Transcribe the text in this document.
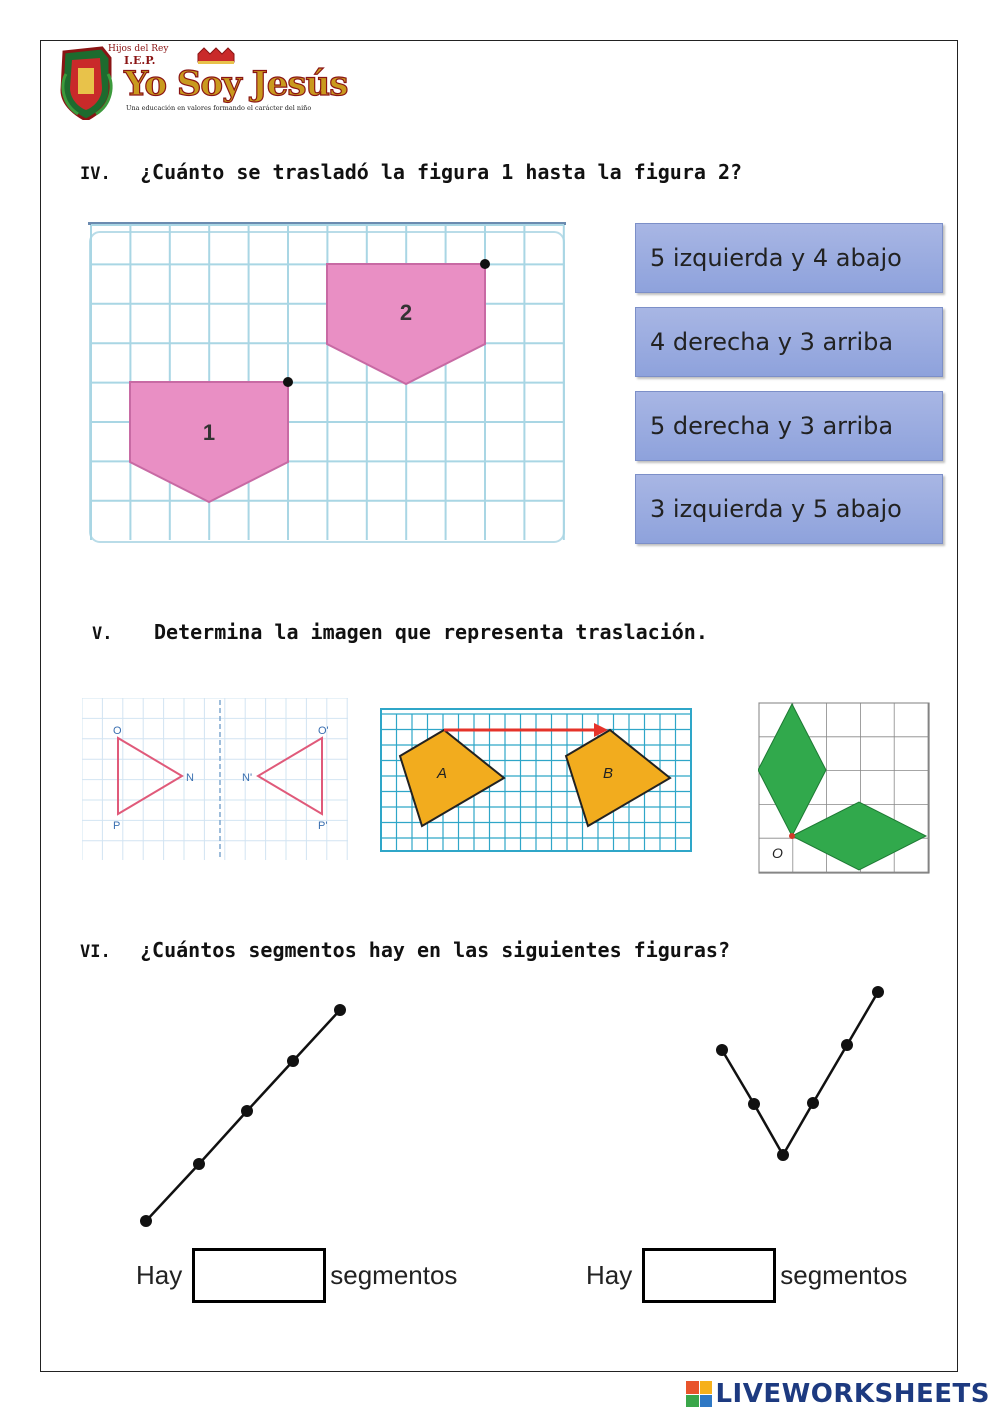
Hijos del Rey
I.E.P.
Yo Soy Jesús
Una educación en valores formando el carácter del niño
IV. ¿Cuánto se trasladó la figura 1 hasta la figura 2?
1
2
5 izquierda y 4 abajo
4 derecha y 3 arriba
5 derecha y 3 arriba
3 izquierda y 5 abajo
V. Determina la imagen que representa traslación.
O
N
P
O'
N'
P'
A	B
O
VI. ¿Cuántos segmentos hay en las siguientes figuras?
Hay	segmentos	Hay	segmentos
LIVEWORKSHEETS
